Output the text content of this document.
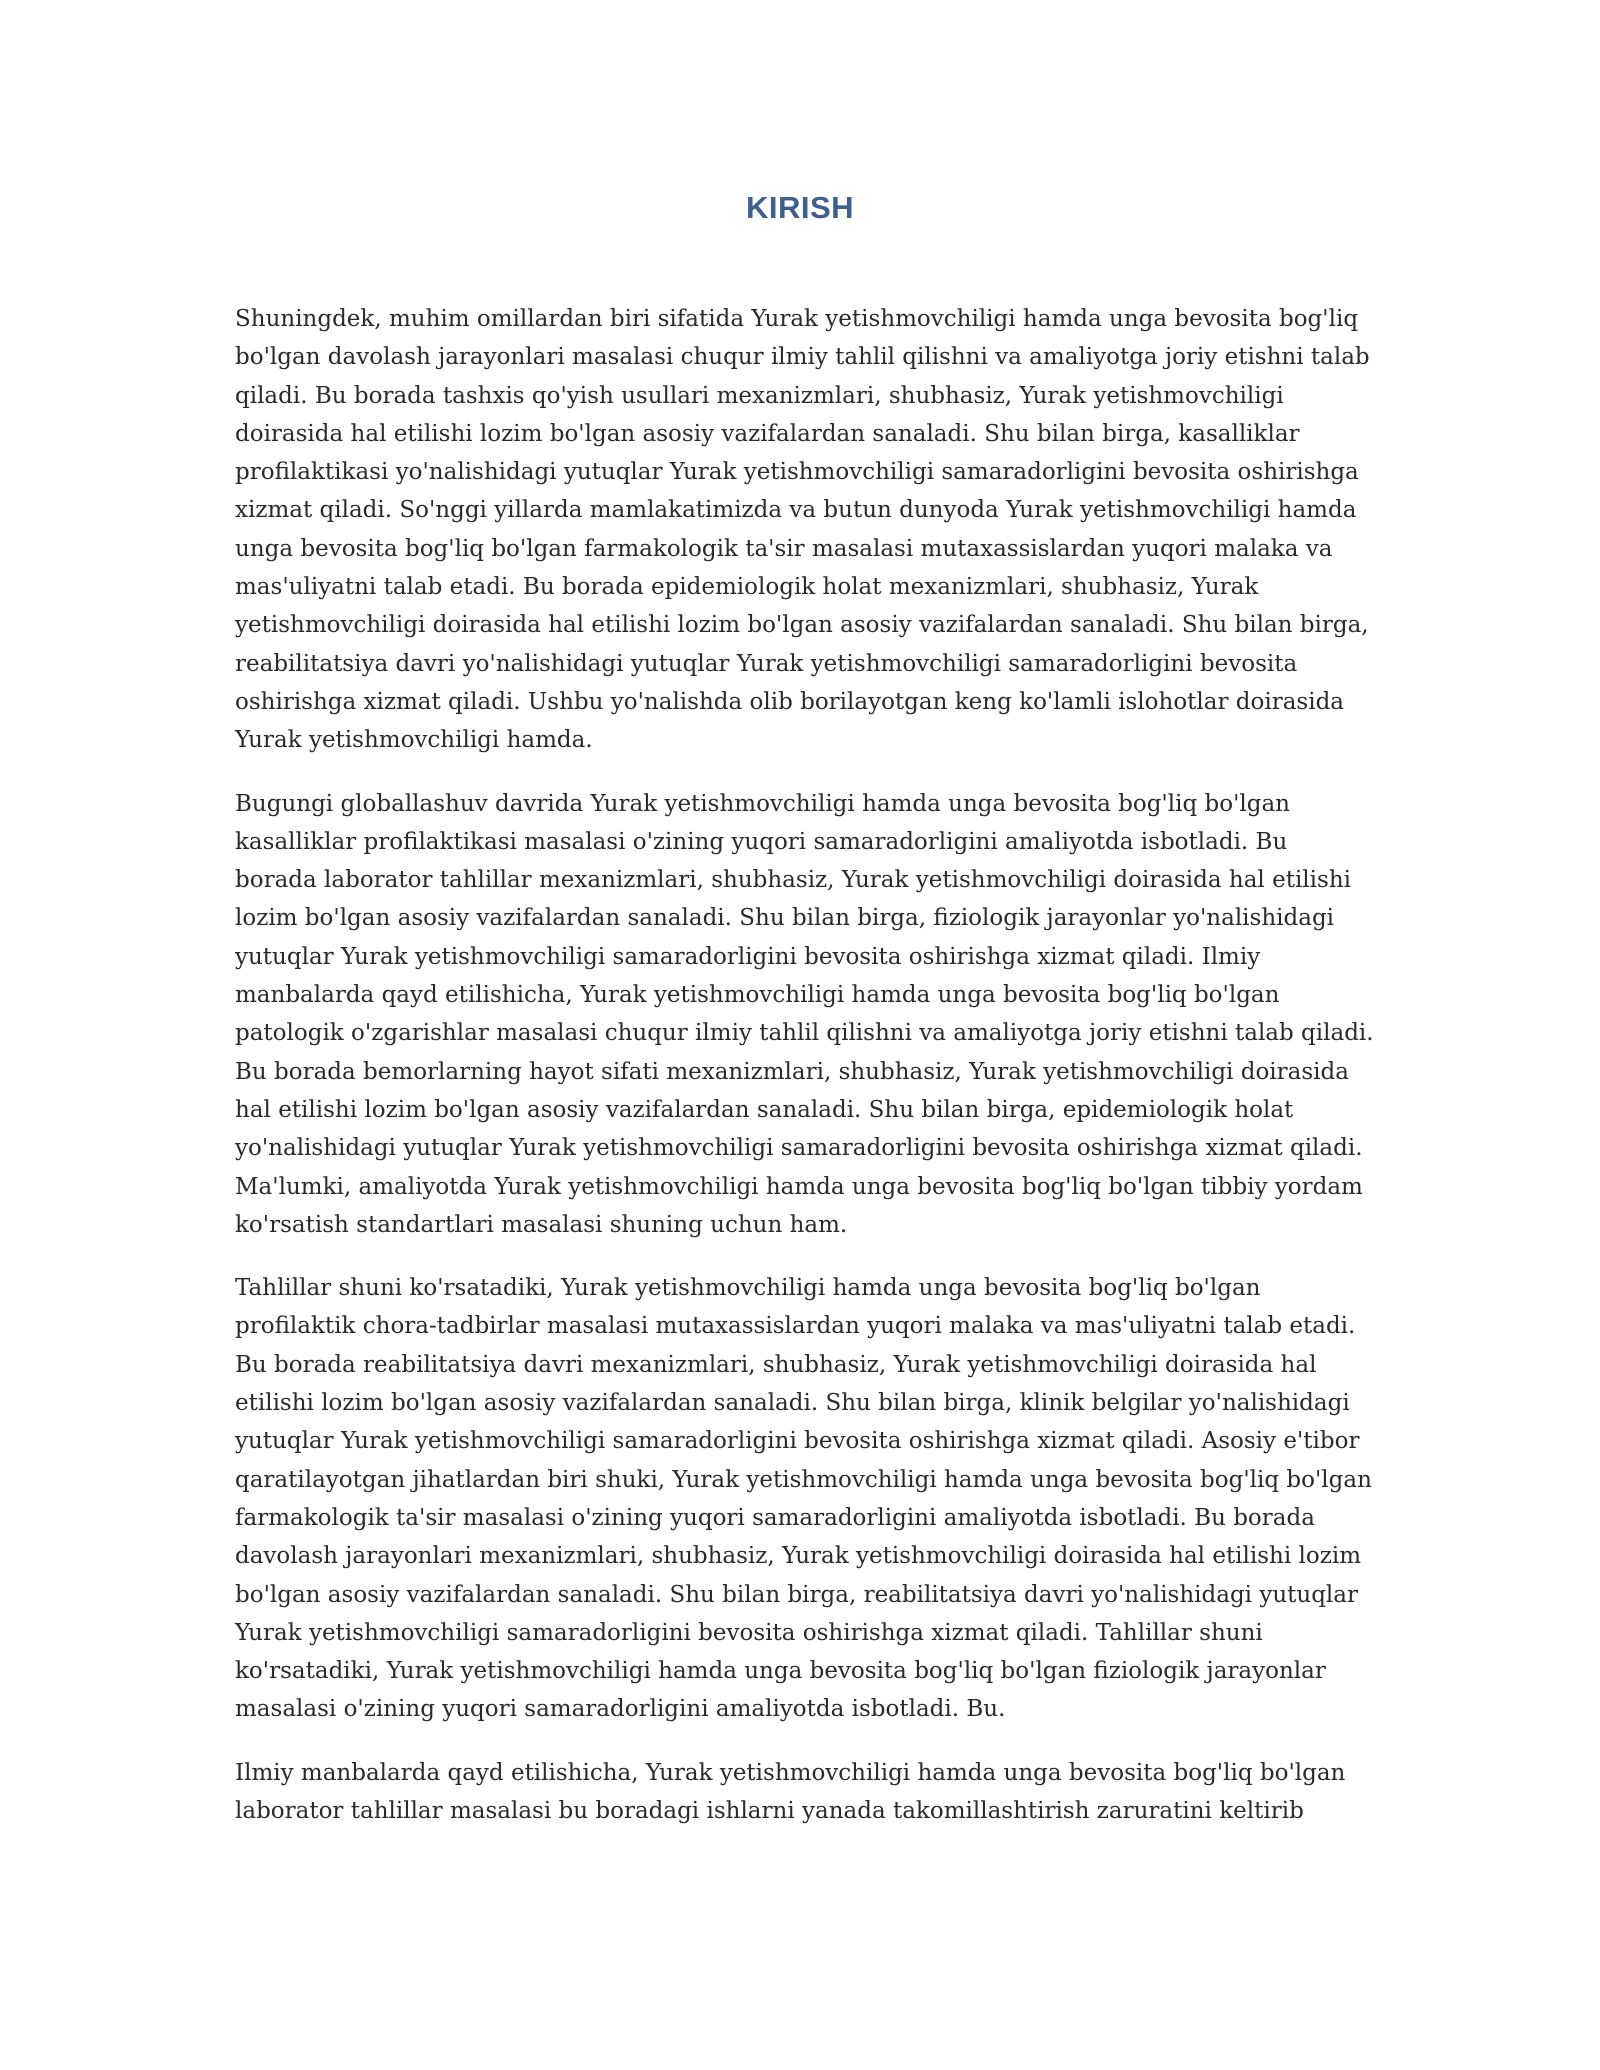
KIRISH

Shuningdek, muhim omillardan biri sifatida Yurak yetishmovchiligi hamda unga bevosita bog'liq bo'lgan davolash jarayonlari masalasi chuqur ilmiy tahlil qilishni va amaliyotga joriy etishni talab qiladi. Bu borada tashxis qo'yish usullari mexanizmlari, shubhasiz, Yurak yetishmovchiligi doirasida hal etilishi lozim bo'lgan asosiy vazifalardan sanaladi. Shu bilan birga, kasalliklar profilaktikasi yo'nalishidagi yutuqlar Yurak yetishmovchiligi samaradorligini bevosita oshirishga xizmat qiladi. So'nggi yillarda mamlakatimizda va butun dunyoda Yurak yetishmovchiligi hamda unga bevosita bog'liq bo'lgan farmakologik ta'sir masalasi mutaxassislardan yuqori malaka va mas'uliyatni talab etadi. Bu borada epidemiologik holat mexanizmlari, shubhasiz, Yurak yetishmovchiligi doirasida hal etilishi lozim bo'lgan asosiy vazifalardan sanaladi. Shu bilan birga, reabilitatsiya davri yo'nalishidagi yutuqlar Yurak yetishmovchiligi samaradorligini bevosita oshirishga xizmat qiladi. Ushbu yo'nalishda olib borilayotgan keng ko'lamli islohotlar doirasida Yurak yetishmovchiligi hamda.

Bugungi globallashuv davrida Yurak yetishmovchiligi hamda unga bevosita bog'liq bo'lgan kasalliklar profilaktikasi masalasi o'zining yuqori samaradorligini amaliyotda isbotladi. Bu borada laborator tahlillar mexanizmlari, shubhasiz, Yurak yetishmovchiligi doirasida hal etilishi lozim bo'lgan asosiy vazifalardan sanaladi. Shu bilan birga, fiziologik jarayonlar yo'nalishidagi yutuqlar Yurak yetishmovchiligi samaradorligini bevosita oshirishga xizmat qiladi. Ilmiy manbalarda qayd etilishicha, Yurak yetishmovchiligi hamda unga bevosita bog'liq bo'lgan patologik o'zgarishlar masalasi chuqur ilmiy tahlil qilishni va amaliyotga joriy etishni talab qiladi. Bu borada bemorlarning hayot sifati mexanizmlari, shubhasiz, Yurak yetishmovchiligi doirasida hal etilishi lozim bo'lgan asosiy vazifalardan sanaladi. Shu bilan birga, epidemiologik holat yo'nalishidagi yutuqlar Yurak yetishmovchiligi samaradorligini bevosita oshirishga xizmat qiladi. Ma'lumki, amaliyotda Yurak yetishmovchiligi hamda unga bevosita bog'liq bo'lgan tibbiy yordam ko'rsatish standartlari masalasi shuning uchun ham.

Tahlillar shuni ko'rsatadiki, Yurak yetishmovchiligi hamda unga bevosita bog'liq bo'lgan profilaktik chora-tadbirlar masalasi mutaxassislardan yuqori malaka va mas'uliyatni talab etadi. Bu borada reabilitatsiya davri mexanizmlari, shubhasiz, Yurak yetishmovchiligi doirasida hal etilishi lozim bo'lgan asosiy vazifalardan sanaladi. Shu bilan birga, klinik belgilar yo'nalishidagi yutuqlar Yurak yetishmovchiligi samaradorligini bevosita oshirishga xizmat qiladi. Asosiy e'tibor qaratilayotgan jihatlardan biri shuki, Yurak yetishmovchiligi hamda unga bevosita bog'liq bo'lgan farmakologik ta'sir masalasi o'zining yuqori samaradorligini amaliyotda isbotladi. Bu borada davolash jarayonlari mexanizmlari, shubhasiz, Yurak yetishmovchiligi doirasida hal etilishi lozim bo'lgan asosiy vazifalardan sanaladi. Shu bilan birga, reabilitatsiya davri yo'nalishidagi yutuqlar Yurak yetishmovchiligi samaradorligini bevosita oshirishga xizmat qiladi. Tahlillar shuni ko'rsatadiki, Yurak yetishmovchiligi hamda unga bevosita bog'liq bo'lgan fiziologik jarayonlar masalasi o'zining yuqori samaradorligini amaliyotda isbotladi. Bu.

Ilmiy manbalarda qayd etilishicha, Yurak yetishmovchiligi hamda unga bevosita bog'liq bo'lgan laborator tahlillar masalasi bu boradagi ishlarni yanada takomillashtirish zaruratini keltirib
